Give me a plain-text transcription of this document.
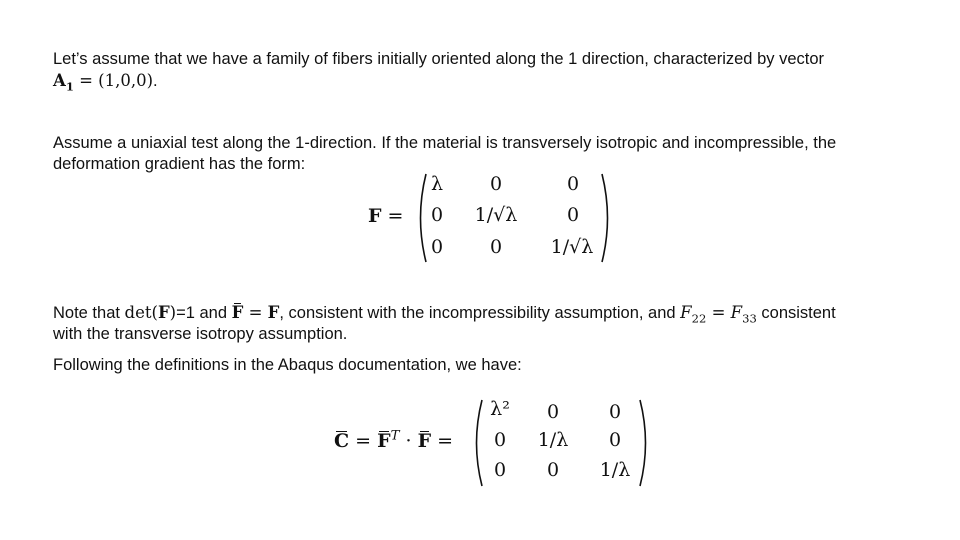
Let’s assume that we have a family of fibers initially oriented along the 1 direction, characterized by vector
$A_1 = (1,0,0)$.
Assume a uniaxial test along the 1-direction. If the material is transversely isotropic and incompressible, the
deformation gradient has the form:
F =
λ	0	0
0	1/√λ	0
0	0	1/√λ
Note that det(F)=1 and F = F, consistent with the incompressibility assumption, and $F_{22} = F_{33}$ consistent
with the transverse isotropy assumption.
Following the definitions in the Abaqus documentation, we have:
$C = F^T \cdot F$ =
λ²	0	0
0	1/λ	0
0	0	1/λ
